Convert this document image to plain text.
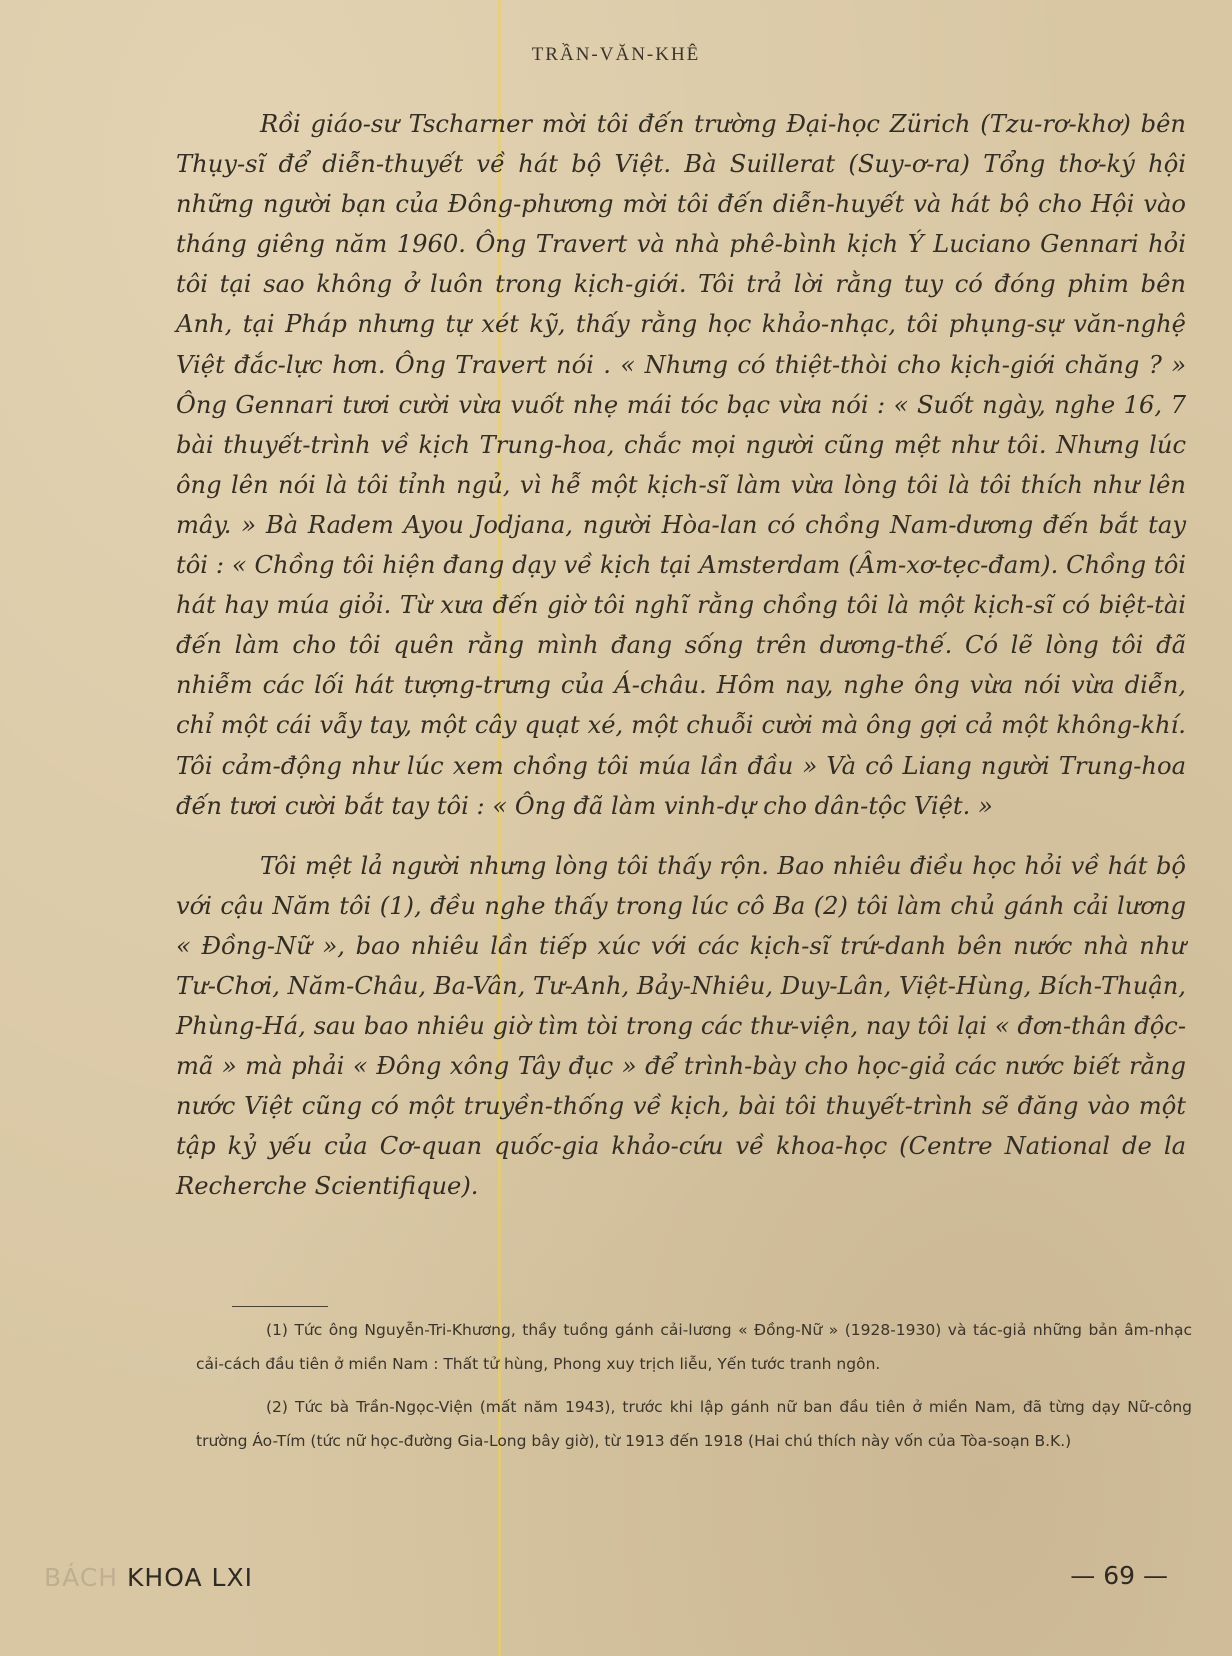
TRẦN-VĂN-KHÊ

Rồi giáo-sư Tscharner mời tôi đến trường Đại-học Zürich (Tzu-rơ-khơ) bên Thụy-sĩ để diễn-thuyết về hát bộ Việt. Bà Suillerat (Suy-ơ-ra) Tổng thơ-ký hội những người bạn của Đông-phương mời tôi đến diễn-huyết và hát bộ cho Hội vào tháng giêng năm 1960. Ông Travert và nhà phê-bình kịch Ý Luciano Gennari hỏi tôi tại sao không ở luôn trong kịch-giới. Tôi trả lời rằng tuy có đóng phim bên Anh, tại Pháp nhưng tự xét kỹ, thấy rằng học khảo-nhạc, tôi phụng-sự văn-nghệ Việt đắc-lực hơn. Ông Travert nói . « Nhưng có thiệt-thòi cho kịch-giới chăng ? » Ông Gennari tươi cười vừa vuốt nhẹ mái tóc bạc vừa nói : « Suốt ngày, nghe 16, 7 bài thuyết-trình về kịch Trung-hoa, chắc mọi người cũng mệt như tôi. Nhưng lúc ông lên nói là tôi tỉnh ngủ, vì hễ một kịch-sĩ làm vừa lòng tôi là tôi thích như lên mây. » Bà Radem Ayou Jodjana, người Hòa-lan có chồng Nam-dương đến bắt tay tôi : « Chồng tôi hiện đang dạy về kịch tại Amsterdam (Âm-xơ-tẹc-đam). Chồng tôi hát hay múa giỏi. Từ xưa đến giờ tôi nghĩ rằng chồng tôi là một kịch-sĩ có biệt-tài đến làm cho tôi quên rằng mình đang sống trên dương-thế. Có lẽ lòng tôi đã nhiễm các lối hát tượng-trưng của Á-châu. Hôm nay, nghe ông vừa nói vừa diễn, chỉ một cái vẫy tay, một cây quạt xé, một chuỗi cười mà ông gợi cả một không-khí. Tôi cảm-động như lúc xem chồng tôi múa lần đầu » Và cô Liang người Trung-hoa đến tươi cười bắt tay tôi : « Ông đã làm vinh-dự cho dân-tộc Việt. »

Tôi mệt lả người nhưng lòng tôi thấy rộn. Bao nhiêu điều học hỏi về hát bộ với cậu Năm tôi (1), đều nghe thấy trong lúc cô Ba (2) tôi làm chủ gánh cải lương « Đồng-Nữ », bao nhiêu lần tiếp xúc với các kịch-sĩ trứ-danh bên nước nhà như Tư-Chơi, Năm-Châu, Ba-Vân, Tư-Anh, Bảy-Nhiêu, Duy-Lân, Việt-Hùng, Bích-Thuận, Phùng-Há, sau bao nhiêu giờ tìm tòi trong các thư-viện, nay tôi lại « đơn-thân độc-mã » mà phải « Đông xông Tây đục » để trình-bày cho học-giả các nước biết rằng nước Việt cũng có một truyền-thống về kịch, bài tôi thuyết-trình sẽ đăng vào một tập kỷ yếu của Cơ-quan quốc-gia khảo-cứu về khoa-học (Centre National de la Recherche Scientifique).

(1) Tức ông Nguyễn-Tri-Khương, thầy tuồng gánh cải-lương « Đồng-Nữ » (1928-1930) và tác-giả những bản âm-nhạc cải-cách đầu tiên ở miền Nam : Thất tử hùng, Phong xuy trịch liễu, Yến tước tranh ngôn.

(2) Tức bà Trần-Ngọc-Viện (mất năm 1943), trước khi lập gánh nữ ban đầu tiên ở miền Nam, đã từng dạy Nữ-công trường Áo-Tím (tức nữ học-đường Gia-Long bây giờ), từ 1913 đến 1918 (Hai chú thích này vốn của Tòa-soạn B.K.)

BÁCH KHOA LXI	— 69 —
